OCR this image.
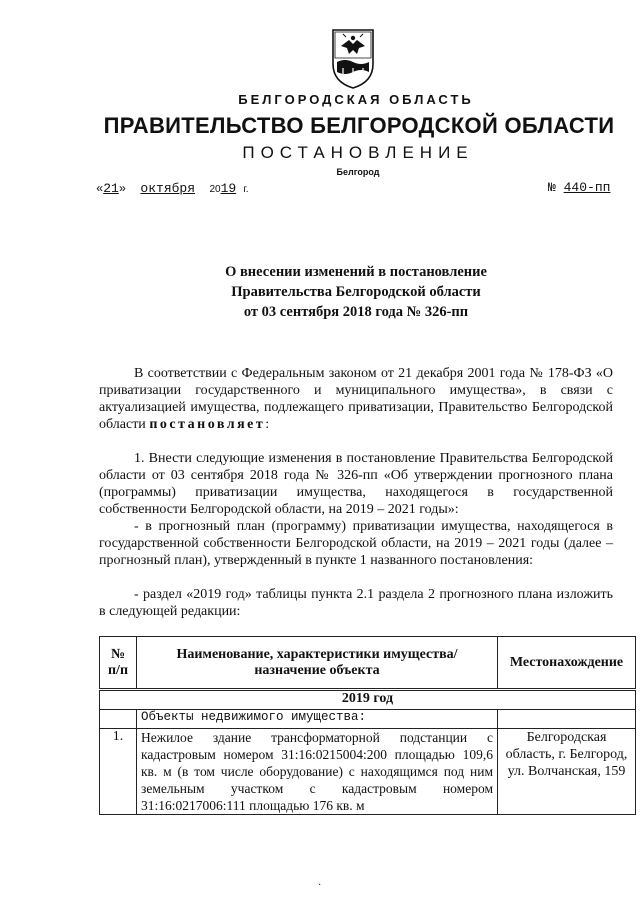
БЕЛГОРОДСКАЯ ОБЛАСТЬ
ПРАВИТЕЛЬСТВО БЕЛГОРОДСКОЙ ОБЛАСТИ
ПОСТАНОВЛЕНИЕ
Белгород
«21» октября 2019 г.	№ 440-пп
О внесении изменений в постановление
Правительства Белгородской области
от 03 сентября 2018 года № 326-пп
В соответствии с Федеральным законом от 21 декабря 2001 года № 178-ФЗ «О приватизации государственного и муниципального имущества», в связи с актуализацией имущества, подлежащего приватизации, Правительство Белгородской области постановляет:
1. Внести следующие изменения в постановление Правительства Белгородской области от 03 сентября 2018 года № 326-пп «Об утверждении прогнозного плана (программы) приватизации имущества, находящегося в государственной собственности Белгородской области, на 2019 – 2021 годы»:
- в прогнозный план (программу) приватизации имущества, находящегося в государственной собственности Белгородской области, на 2019 – 2021 годы (далее – прогнозный план), утвержденный в пункте 1 названного постановления:
- раздел «2019 год» таблицы пункта 2.1 раздела 2 прогнозного плана изложить в следующей редакции:
№ п/п	Наименование, характеристики имущества/ назначение объекта	Местонахождение
2019 год		
	Объекты недвижимого имущества:	
1.	Нежилое здание трансформаторной подстанции с кадастровым номером 31:16:0215004:200 площадью 109,6 кв. м (в том числе оборудование) с находящимся под ним земельным участком с кадастровым номером 31:16:0217006:111 площадью 176 кв. м	Белгородская область, г. Белгород, ул. Волчанская, 159
·
